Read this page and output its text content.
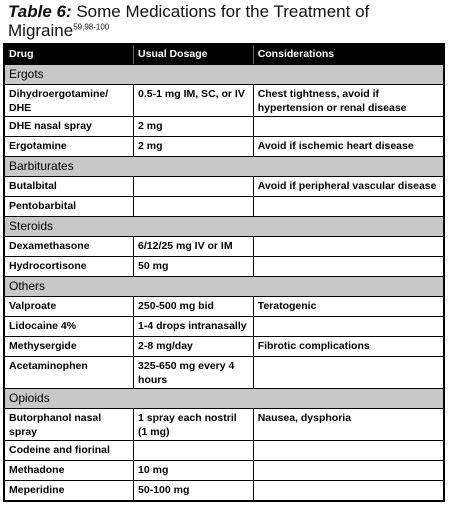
Table 6: Some Medications for the Treatment of Migraine$^{59,98-100}$
Drug	Usual Dosage	Considerations
Ergots		
Dihydroergotamine/ DHE	0.5-1 mg IM, SC, or IV	Chest tightness, avoid if hypertension or renal disease
DHE nasal spray	2 mg	
Ergotamine	2 mg	Avoid if ischemic heart disease
Barbiturates		
Butalbital		Avoid if peripheral vascular disease
Pentobarbital		
Steroids		
Dexamethasone	6/12/25 mg IV or IM	
Hydrocortisone	50 mg	
Others		
Valproate	250-500 mg bid	Teratogenic
Lidocaine 4%	1-4 drops intranasally	
Methysergide	2-8 mg/day	Fibrotic complications
Acetaminophen	325-650 mg every 4 hours	
Opioids		
Butorphanol nasal spray	1 spray each nostril (1 mg)	Nausea, dysphoria
Codeine and fiorinal		
Methadone	10 mg	
Meperidine	50-100 mg	
